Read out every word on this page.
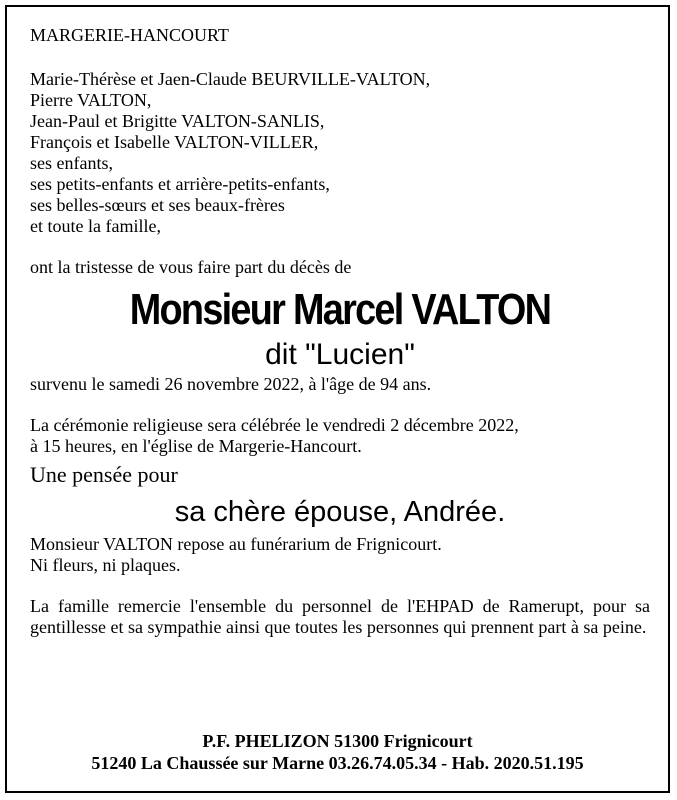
MARGERIE-HANCOURT
Marie-Thérèse et Jaen-Claude BEURVILLE-VALTON,
Pierre VALTON,
Jean-Paul et Brigitte VALTON-SANLIS,
François et Isabelle VALTON-VILLER,
ses enfants,
ses petits-enfants et arrière-petits-enfants,
ses belles-sœurs et ses beaux-frères
et toute la famille,
ont la tristesse de vous faire part du décès de
Monsieur Marcel VALTON
dit "Lucien"
survenu le samedi 26 novembre 2022, à l'âge de 94 ans.
La cérémonie religieuse sera célébrée le vendredi 2 décembre 2022,
à 15 heures, en l'église de Margerie-Hancourt.
Une pensée pour
sa chère épouse, Andrée.
Monsieur VALTON repose au funérarium de Frignicourt.
Ni fleurs, ni plaques.
La famille remercie l'ensemble du personnel de l'EHPAD de Ramerupt, pour sa gentillesse et sa sympathie ainsi que toutes les personnes qui prennent part à sa peine.
P.F. PHELIZON 51300 Frignicourt
51240 La Chaussée sur Marne 03.26.74.05.34 - Hab. 2020.51.195
